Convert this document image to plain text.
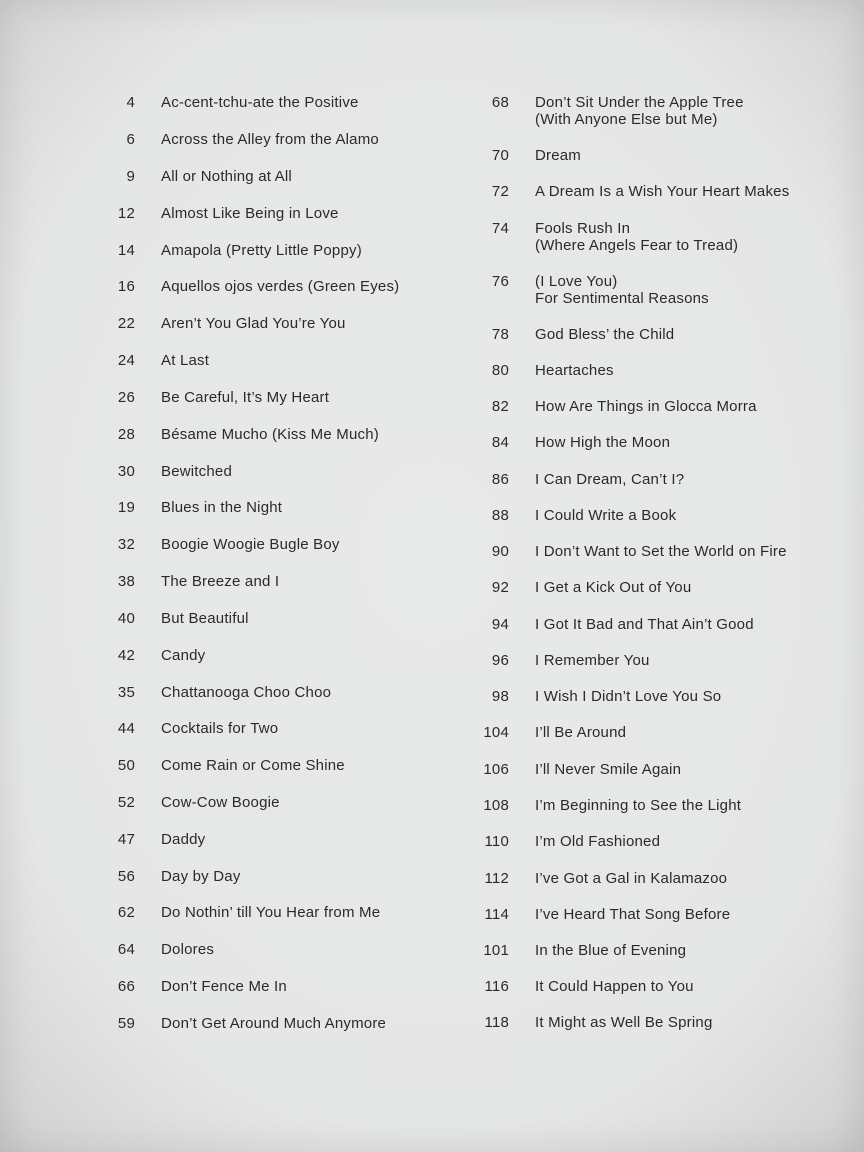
4 Ac-cent-tchu-ate the Positive
6 Across the Alley from the Alamo
9 All or Nothing at All
12 Almost Like Being in Love
14 Amapola (Pretty Little Poppy)
16 Aquellos ojos verdes (Green Eyes)
22 Aren’t You Glad You’re You
24 At Last
26 Be Careful, It’s My Heart
28 Bésame Mucho (Kiss Me Much)
30 Bewitched
19 Blues in the Night
32 Boogie Woogie Bugle Boy
38 The Breeze and I
40 But Beautiful
42 Candy
35 Chattanooga Choo Choo
44 Cocktails for Two
50 Come Rain or Come Shine
52 Cow-Cow Boogie
47 Daddy
56 Day by Day
62 Do Nothin’ till You Hear from Me
64 Dolores
66 Don’t Fence Me In
59 Don’t Get Around Much Anymore
68 Don’t Sit Under the Apple Tree
(With Anyone Else but Me)
70 Dream
72 A Dream Is a Wish Your Heart Makes
74 Fools Rush In
(Where Angels Fear to Tread)
76 (I Love You)
For Sentimental Reasons
78 God Bless’ the Child
80 Heartaches
82 How Are Things in Glocca Morra
84 How High the Moon
86 I Can Dream, Can’t I?
88 I Could Write a Book
90 I Don’t Want to Set the World on Fire
92 I Get a Kick Out of You
94 I Got It Bad and That Ain’t Good
96 I Remember You
98 I Wish I Didn’t Love You So
104 I’ll Be Around
106 I’ll Never Smile Again
108 I’m Beginning to See the Light
110 I’m Old Fashioned
112 I’ve Got a Gal in Kalamazoo
114 I’ve Heard That Song Before
101 In the Blue of Evening
116 It Could Happen to You
118 It Might as Well Be Spring
